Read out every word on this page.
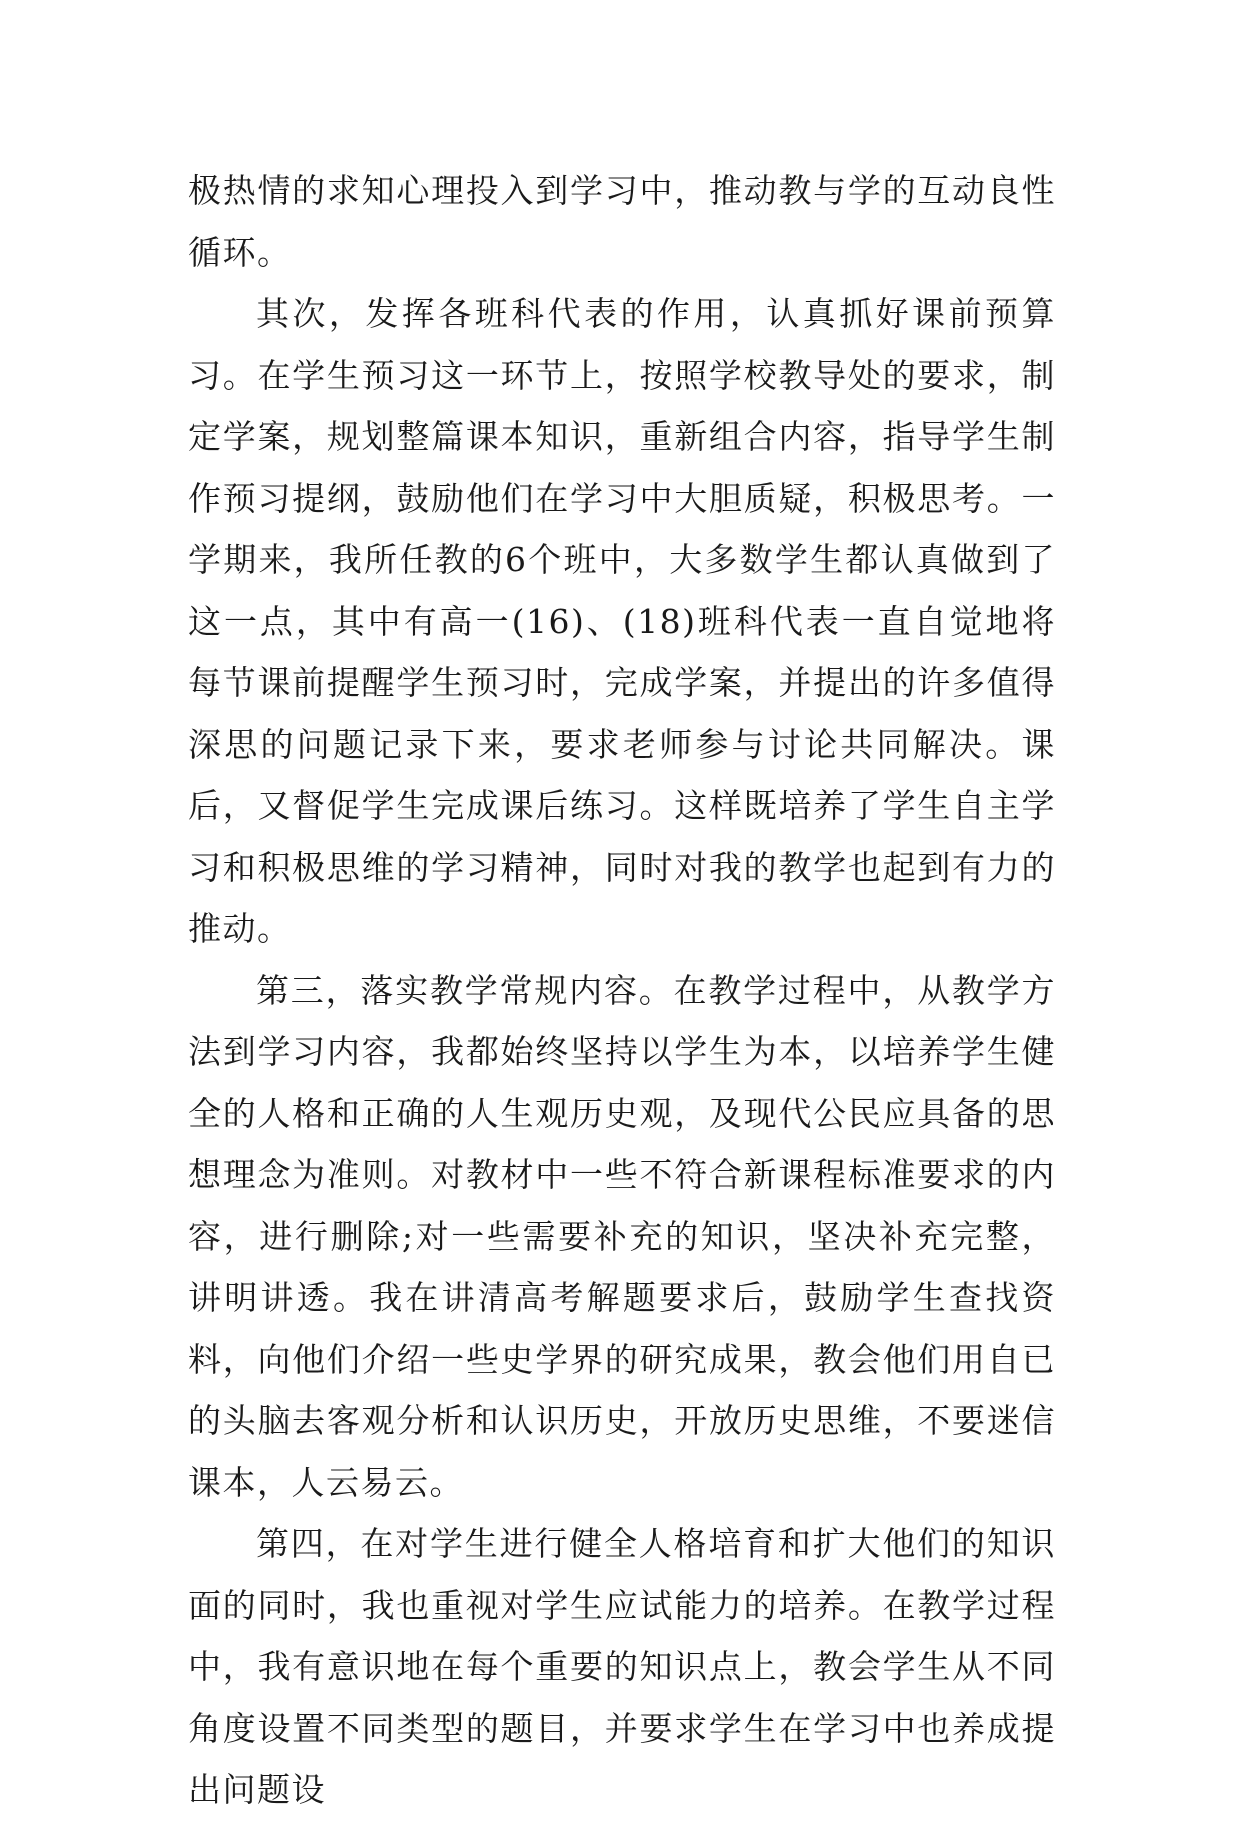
极热情的求知心理投入到学习中，推动教与学的互动良性循环。

其次，发挥各班科代表的作用，认真抓好课前预算习。在学生预习这一环节上，按照学校教导处的要求，制定学案，规划整篇课本知识，重新组合内容，指导学生制作预习提纲，鼓励他们在学习中大胆质疑，积极思考。一学期来，我所任教的6个班中，大多数学生都认真做到了这一点，其中有高一(16)、(18)班科代表一直自觉地将每节课前提醒学生预习时，完成学案，并提出的许多值得深思的问题记录下来，要求老师参与讨论共同解决。课后，又督促学生完成课后练习。这样既培养了学生自主学习和积极思维的学习精神，同时对我的教学也起到有力的推动。

第三，落实教学常规内容。在教学过程中，从教学方法到学习内容，我都始终坚持以学生为本，以培养学生健全的人格和正确的人生观历史观，及现代公民应具备的思想理念为准则。对教材中一些不符合新课程标准要求的内容，进行删除;对一些需要补充的知识，坚决补充完整，讲明讲透。我在讲清高考解题要求后，鼓励学生查找资料，向他们介绍一些史学界的研究成果，教会他们用自已的头脑去客观分析和认识历史，开放历史思维，不要迷信课本，人云易云。

第四，在对学生进行健全人格培育和扩大他们的知识面的同时，我也重视对学生应试能力的培养。在教学过程中，我有意识地在每个重要的知识点上，教会学生从不同角度设置不同类型的题目，并要求学生在学习中也养成提出问题设
